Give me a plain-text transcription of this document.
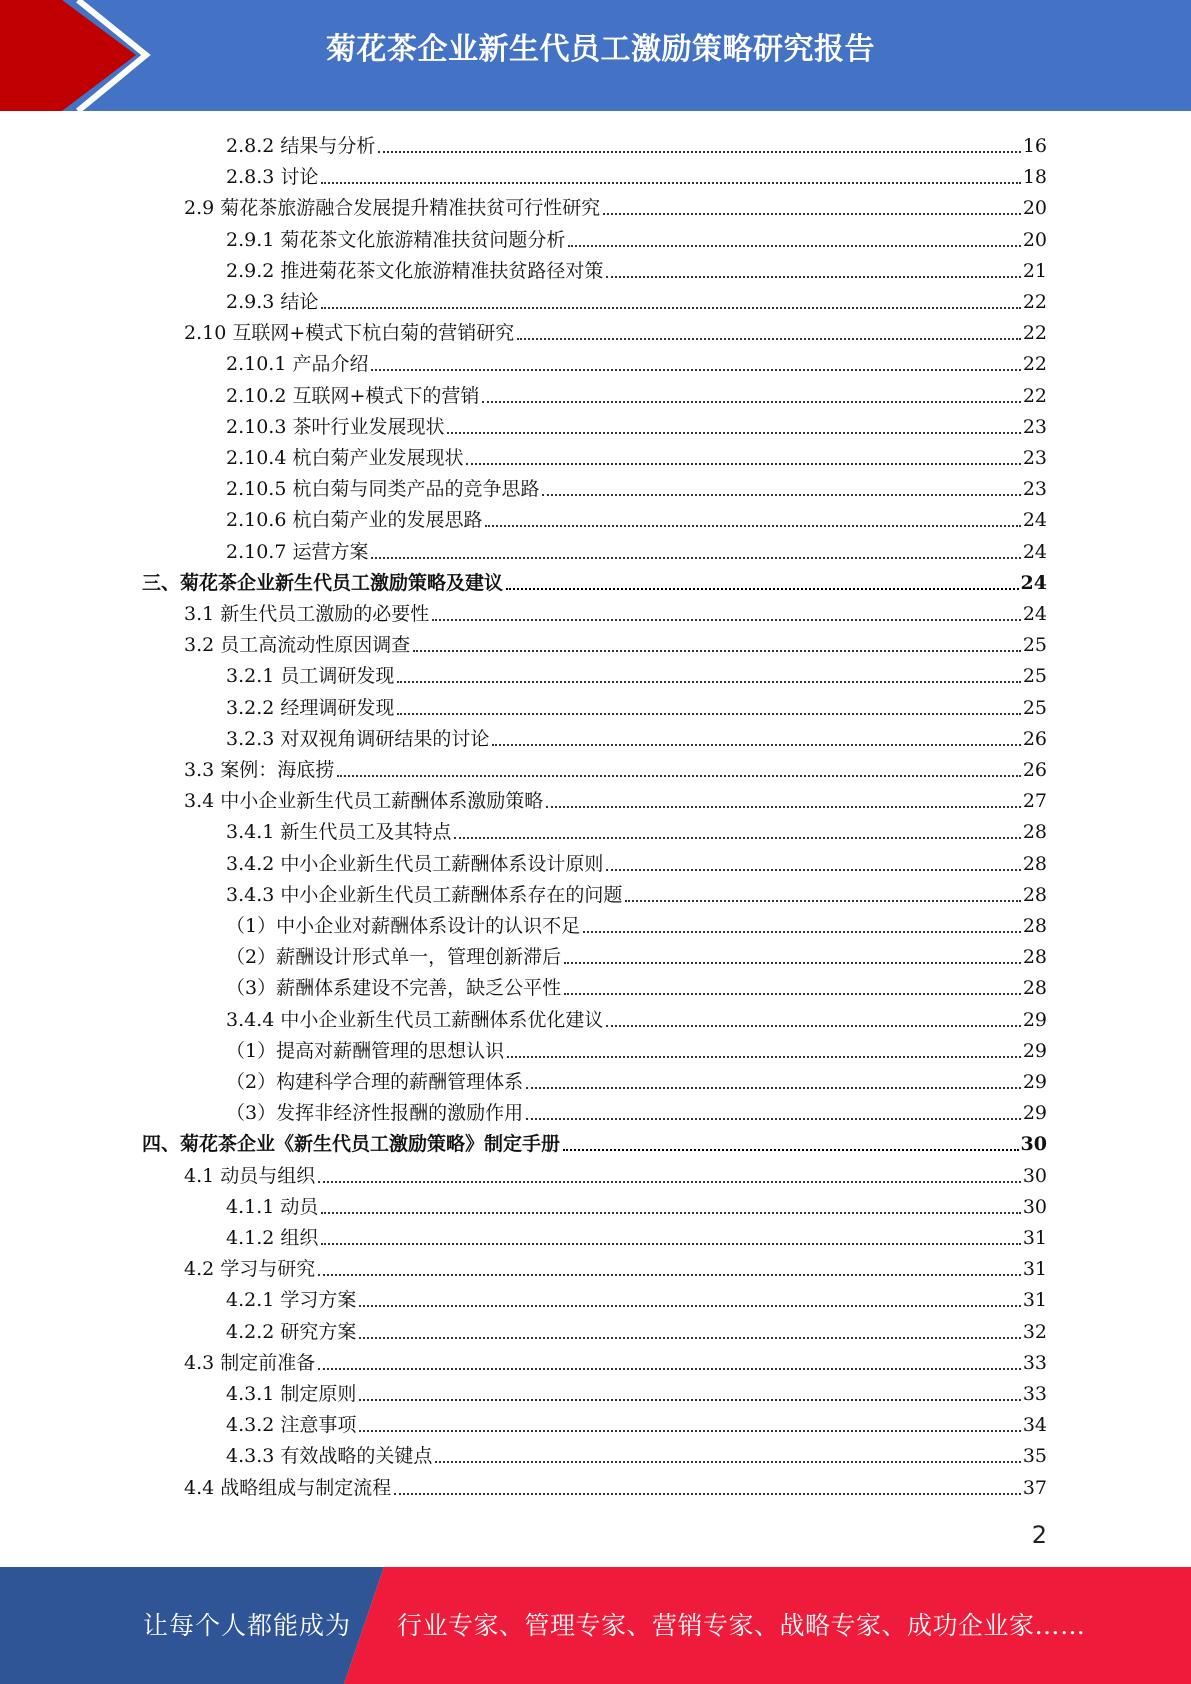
菊花茶企业新生代员工激励策略研究报告
2.8.2 结果与分析	16
2.8.3 讨论	18
2.9 菊花茶旅游融合发展提升精准扶贫可行性研究	20
2.9.1 菊花茶文化旅游精准扶贫问题分析	20
2.9.2 推进菊花茶文化旅游精准扶贫路径对策	21
2.9.3 结论	22
2.10 互联网+模式下杭白菊的营销研究	22
2.10.1 产品介绍	22
2.10.2 互联网+模式下的营销	22
2.10.3 茶叶行业发展现状	23
2.10.4 杭白菊产业发展现状	23
2.10.5 杭白菊与同类产品的竞争思路	23
2.10.6 杭白菊产业的发展思路	24
2.10.7 运营方案	24
三、菊花茶企业新生代员工激励策略及建议	24
3.1 新生代员工激励的必要性	24
3.2 员工高流动性原因调查	25
3.2.1 员工调研发现	25
3.2.2 经理调研发现	25
3.2.3 对双视角调研结果的讨论	26
3.3 案例：海底捞	26
3.4 中小企业新生代员工薪酬体系激励策略	27
3.4.1 新生代员工及其特点	28
3.4.2 中小企业新生代员工薪酬体系设计原则	28
3.4.3 中小企业新生代员工薪酬体系存在的问题	28
（1）中小企业对薪酬体系设计的认识不足	28
（2）薪酬设计形式单一，管理创新滞后	28
（3）薪酬体系建设不完善，缺乏公平性	28
3.4.4 中小企业新生代员工薪酬体系优化建议	29
（1）提高对薪酬管理的思想认识	29
（2）构建科学合理的薪酬管理体系	29
（3）发挥非经济性报酬的激励作用	29
四、菊花茶企业《新生代员工激励策略》制定手册	30
4.1 动员与组织	30
4.1.1 动员	30
4.1.2 组织	31
4.2 学习与研究	31
4.2.1 学习方案	31
4.2.2 研究方案	32
4.3 制定前准备	33
4.3.1 制定原则	33
4.3.2 注意事项	34
4.3.3 有效战略的关键点	35
4.4 战略组成与制定流程	37
2
让每个人都能成为 行业专家、管理专家、营销专家、战略专家、成功企业家……
